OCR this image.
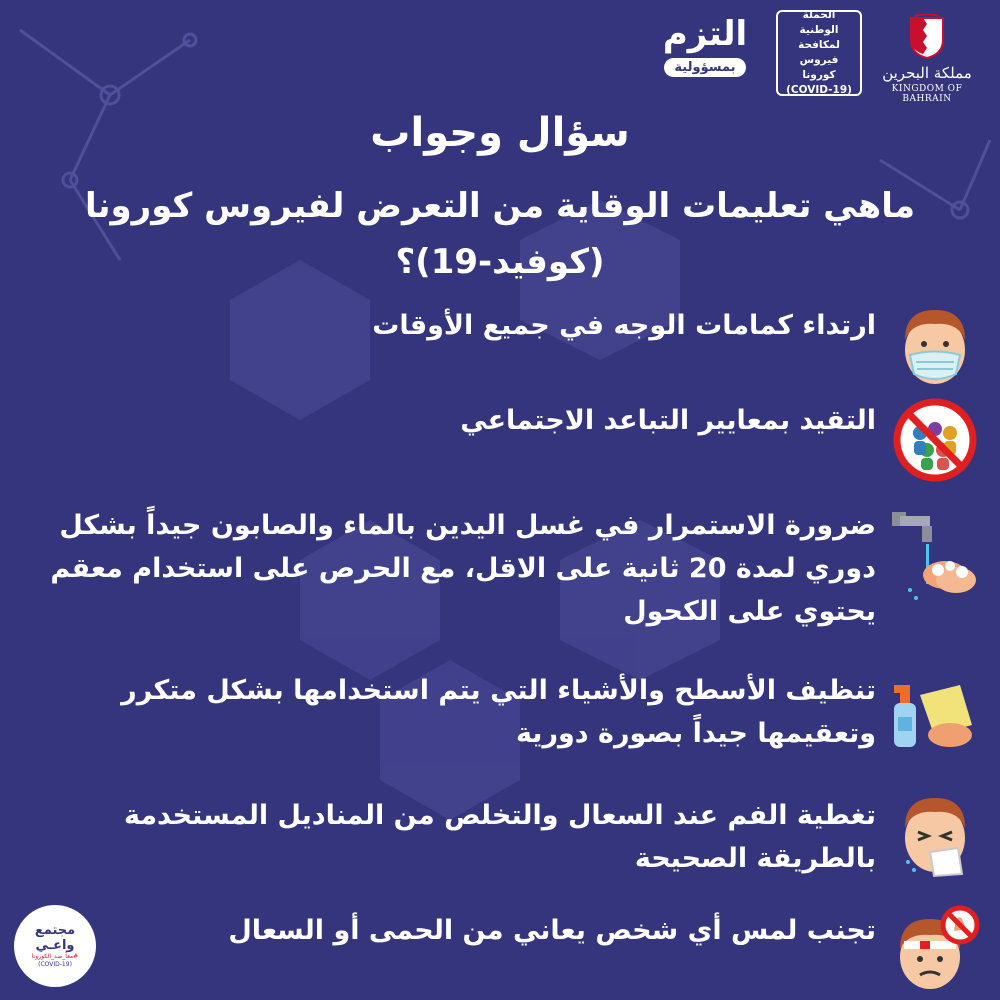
مملكة البحرين
KINGDOM OF BAHRAIN
الحملة الوطنية
لمكافحة
فيروس كورونا
(COVID-19)
التزم
بمسؤولية
سؤال وجواب
ماهي تعليمات الوقاية من التعرض لفيروس كورونا (كوفيد-19)؟
ارتداء كمامات الوجه في جميع الأوقات
التقيد بمعايير التباعد الاجتماعي
ضرورة الاستمرار في غسل اليدين بالماء والصابون جيداً بشكل دوري لمدة 20 ثانية على الاقل، مع الحرص على استخدام معقم يحتوي على الكحول
تنظيف الأسطح والأشياء التي يتم استخدامها بشكل متكرر وتعقيمها جيداً بصورة دورية
تغطية الفم عند السعال والتخلص من المناديل المستخدمة بالطريقة الصحيحة
تجنب لمس أي شخص يعاني من الحمى أو السعال
مجتمع
واعـي
#معاً_ضد_الكورونا
(COVID-19)
